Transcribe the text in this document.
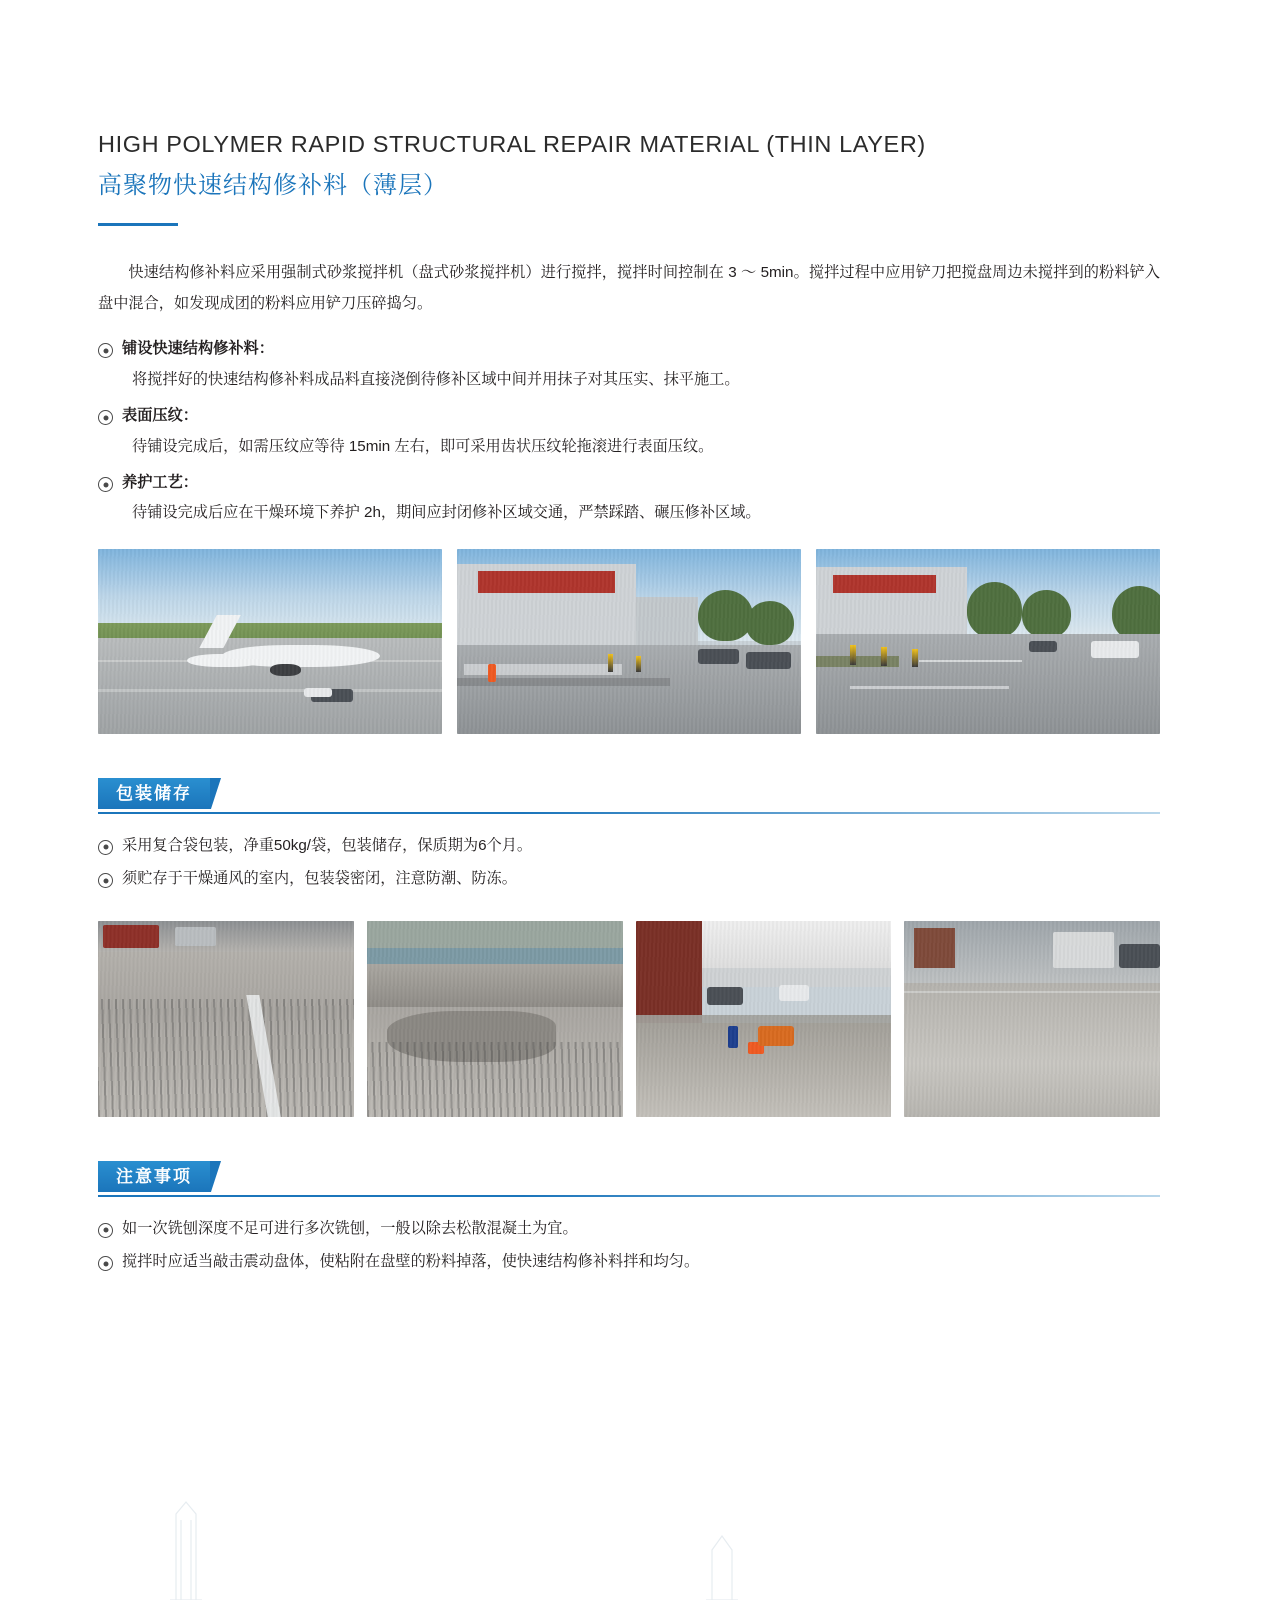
HIGH POLYMER RAPID STRUCTURAL REPAIR MATERIAL (THIN LAYER)
高聚物快速结构修补料（薄层）

快速结构修补料应采用强制式砂浆搅拌机（盘式砂浆搅拌机）进行搅拌，搅拌时间控制在 3 ～ 5min。搅拌过程中应用铲刀把搅盘周边未搅拌到的粉料铲入盘中混合，如发现成团的粉料应用铲刀压碎捣匀。

铺设快速结构修补料：
将搅拌好的快速结构修补料成品料直接浇倒待修补区域中间并用抹子对其压实、抹平施工。
表面压纹：
待铺设完成后，如需压纹应等待 15min 左右，即可采用齿状压纹轮拖滚进行表面压纹。
养护工艺：
待铺设完成后应在干燥环境下养护 2h，期间应封闭修补区域交通，严禁踩踏、碾压修补区域。
包装储存
采用复合袋包装，净重50kg/袋，包装储存，保质期为6个月。
须贮存于干燥通风的室内，包装袋密闭，注意防潮、防冻。
注意事项
如一次铣刨深度不足可进行多次铣刨，一般以除去松散混凝土为宜。
搅拌时应适当敲击震动盘体，使粘附在盘壁的粉料掉落，使快速结构修补料拌和均匀。
